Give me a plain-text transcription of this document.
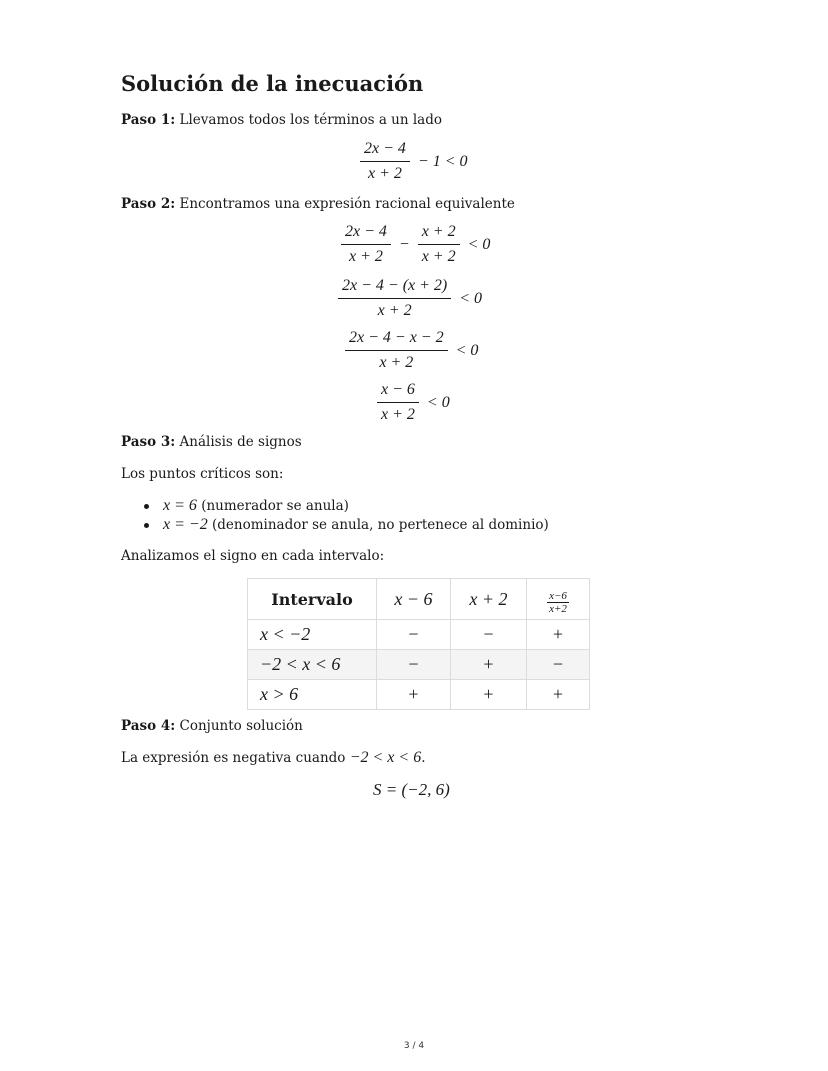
Solución de la inecuación

Paso 1: Llevamos todos los términos a un lado

$\frac{2x - 4}{x + 2} - 1 < 0$

Paso 2: Encontramos una expresión racional equivalente

$\frac{2x - 4}{x + 2} - \frac{x + 2}{x + 2} < 0$
$\frac{2x - 4 - (x + 2)}{x + 2} < 0$
$\frac{2x - 4 - x - 2}{x + 2} < 0$
$\frac{x - 6}{x + 2} < 0$

Paso 3: Análisis de signos

Los puntos críticos son:

x = 6 (numerador se anula)
x = −2 (denominador se anula, no pertenece al dominio)

Analizamos el signo en cada intervalo:

Intervalo	x − 6	x + 2	$\frac{x-6}{x+2}$

x < −2	−	−	+
−2 < x < 6	−	+	−
x > 6	+	+	+

Paso 4: Conjunto solución

La expresión es negativa cuando −2 < x < 6.

S = (−2, 6)
3 / 4
